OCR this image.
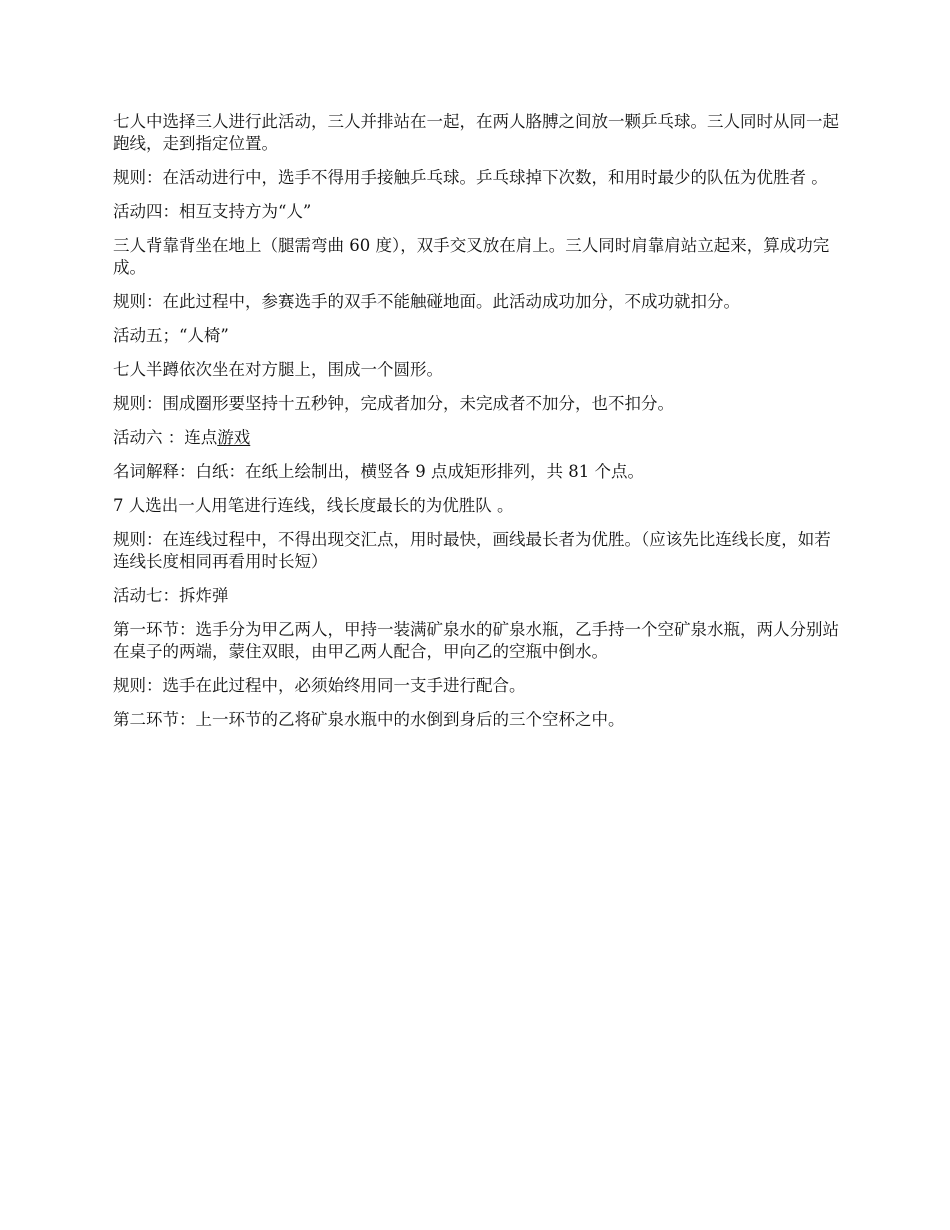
七人中选择三人进行此活动，三人并排站在一起，在两人胳膊之间放一颗乒乓球。三人同时从同一起跑线，走到指定位置。

规则：在活动进行中，选手不得用手接触乒乓球。乒乓球掉下次数，和用时最少的队伍为优胜者 。

活动四：相互支持方为“人”

三人背靠背坐在地上（腿需弯曲 60 度），双手交叉放在肩上。三人同时肩靠肩站立起来，算成功完成。

规则：在此过程中，参赛选手的双手不能触碰地面。此活动成功加分，不成功就扣分。

活动五；“人椅”

七人半蹲依次坐在对方腿上，围成一个圆形。

规则：围成圈形要坚持十五秒钟，完成者加分，未完成者不加分，也不扣分。

活动六 ：连点游戏

名词解释：白纸：在纸上绘制出，横竖各 9 点成矩形排列，共 81 个点。

7 人选出一人用笔进行连线，线长度最长的为优胜队 。

规则：在连线过程中，不得出现交汇点，用时最快，画线最长者为优胜。（应该先比连线长度，如若连线长度相同再看用时长短）

活动七：拆炸弹

第一环节：选手分为甲乙两人，甲持一装满矿泉水的矿泉水瓶，乙手持一个空矿泉水瓶，两人分别站在桌子的两端，蒙住双眼，由甲乙两人配合，甲向乙的空瓶中倒水。

规则：选手在此过程中，必须始终用同一支手进行配合。

第二环节：上一环节的乙将矿泉水瓶中的水倒到身后的三个空杯之中。
